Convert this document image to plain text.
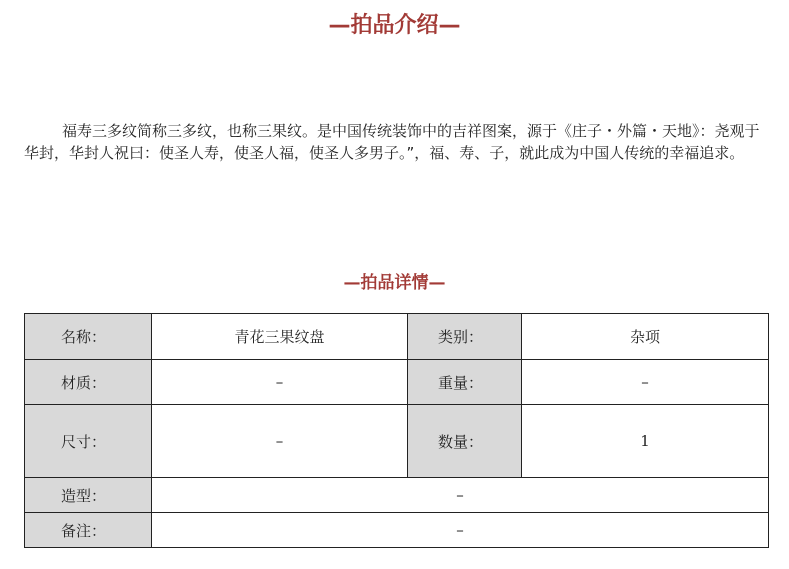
—拍品介绍—

福寿三多纹简称三多纹，也称三果纹。是中国传统装饰中的吉祥图案，源于《庄子・外篇・天地》：尧观于华封，华封人祝曰：使圣人寿，使圣人福，使圣人多男子。”，福、寿、子，就此成为中国人传统的幸福追求。

—拍品详情—
名称：	青花三果纹盘	类别：	杂项
材质：	–	重量：	–
尺寸：	–	数量：	1
造型：	–		
备注：	–		
